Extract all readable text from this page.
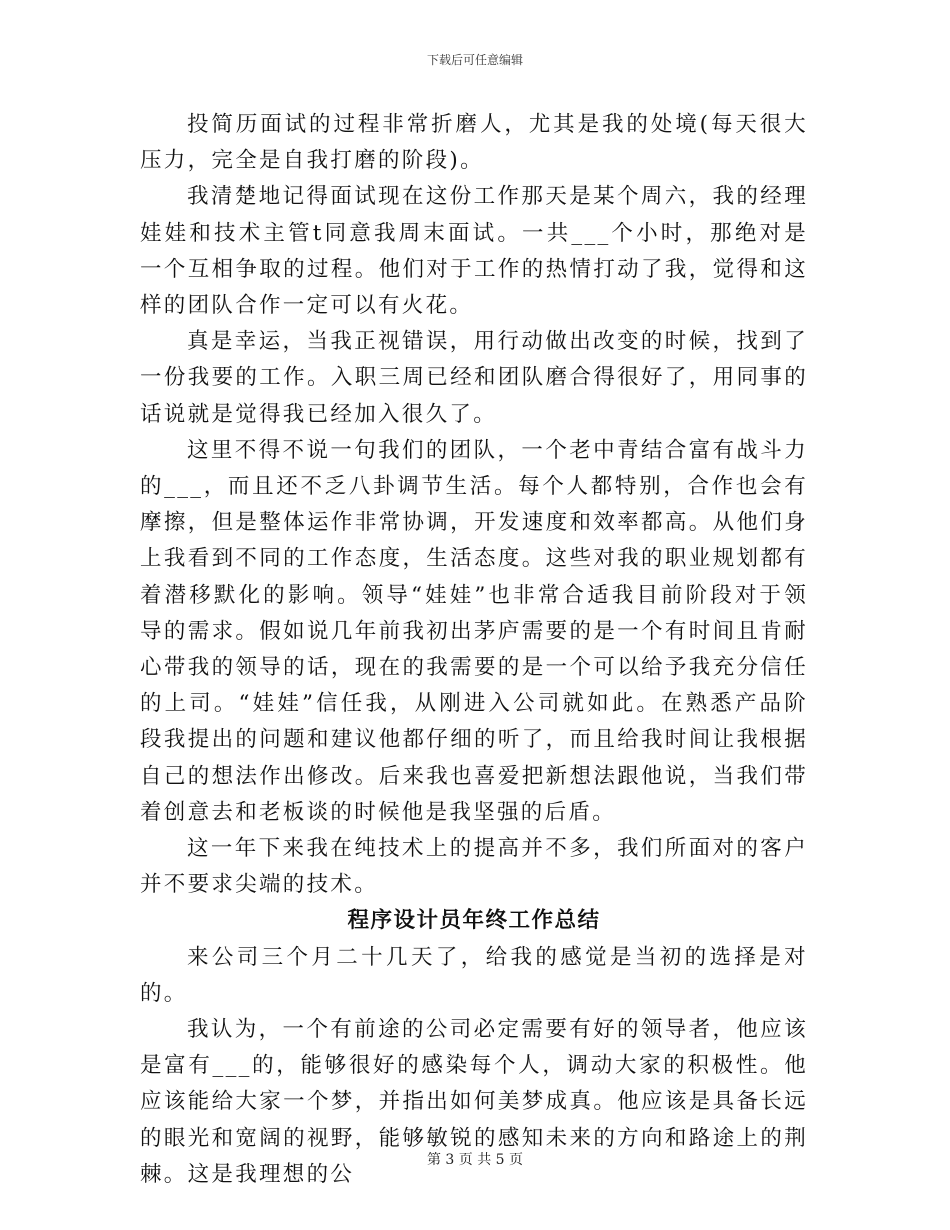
下载后可任意编辑

投简历面试的过程非常折磨人，尤其是我的处境(每天很大压力，完全是自我打磨的阶段)。

我清楚地记得面试现在这份工作那天是某个周六，我的经理娃娃和技术主管t同意我周末面试。一共___个小时，那绝对是一个互相争取的过程。他们对于工作的热情打动了我，觉得和这样的团队合作一定可以有火花。

真是幸运，当我正视错误，用行动做出改变的时候，找到了一份我要的工作。入职三周已经和团队磨合得很好了，用同事的话说就是觉得我已经加入很久了。

这里不得不说一句我们的团队，一个老中青结合富有战斗力的___，而且还不乏八卦调节生活。每个人都特别，合作也会有摩擦，但是整体运作非常协调，开发速度和效率都高。从他们身上我看到不同的工作态度，生活态度。这些对我的职业规划都有着潜移默化的影响。领导“娃娃”也非常合适我目前阶段对于领导的需求。假如说几年前我初出茅庐需要的是一个有时间且肯耐心带我的领导的话，现在的我需要的是一个可以给予我充分信任的上司。“娃娃”信任我，从刚进入公司就如此。在熟悉产品阶段我提出的问题和建议他都仔细的听了，而且给我时间让我根据自己的想法作出修改。后来我也喜爱把新想法跟他说，当我们带着创意去和老板谈的时候他是我坚强的后盾。

这一年下来我在纯技术上的提高并不多，我们所面对的客户并不要求尖端的技术。

程序设计员年终工作总结

来公司三个月二十几天了，给我的感觉是当初的选择是对的。

我认为，一个有前途的公司必定需要有好的领导者，他应该是富有___的，能够很好的感染每个人，调动大家的积极性。他应该能给大家一个梦，并指出如何美梦成真。他应该是具备长远的眼光和宽阔的视野，能够敏锐的感知未来的方向和路途上的荆棘。这是我理想的公

第 3 页 共 5 页
